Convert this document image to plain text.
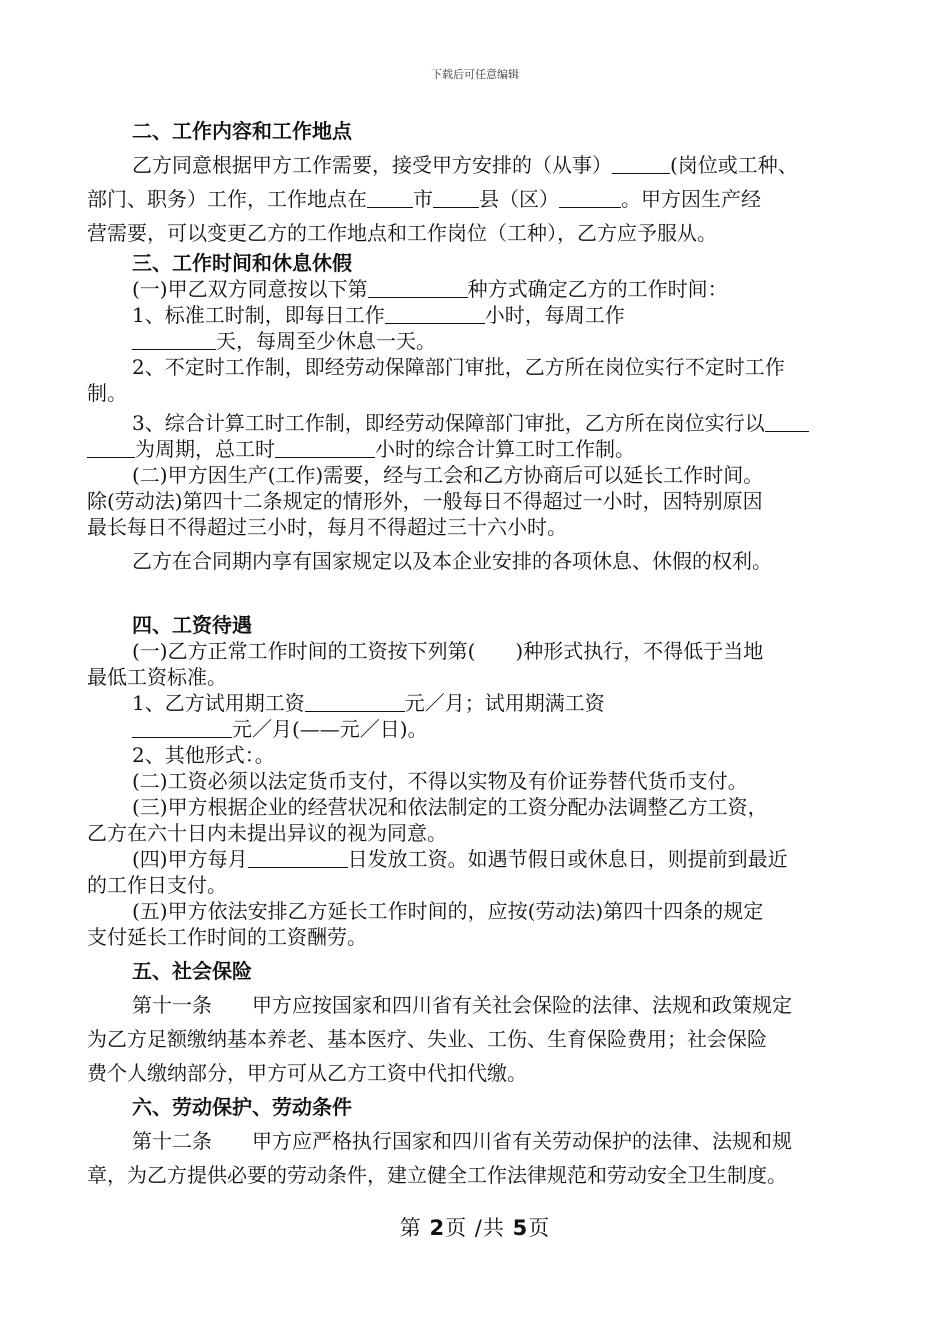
下载后可任意编辑

二、工作内容和工作地点

乙方同意根据甲方工作需要，接受甲方安排的（从事）	(岗位或工种、

部门、职务）工作，工作地点在 市 县（区）	。甲方因生产经

营需要，可以变更乙方的工作地点和工作岗位（工种），乙方应予服从。

三、工作时间和休息休假

(一)甲乙双方同意按以下第	种方式确定乙方的工作时间：

1、标准工时制，即每日工作	小时，每周工作

天，每周至少休息一天。

2、不定时工作制，即经劳动保障部门审批，乙方所在岗位实行不定时工作

制。

3、综合计算工时工作制，即经劳动保障部门审批，乙方所在岗位实行以

为周期，总工时	小时的综合计算工时工作制。

(二)甲方因生产(工作)需要，经与工会和乙方协商后可以延长工作时间。

除(劳动法)第四十二条规定的情形外，一般每日不得超过一小时，因特别原因

最长每日不得超过三小时，每月不得超过三十六小时。

乙方在合同期内享有国家规定以及本企业安排的各项休息、休假的权利。

四、工资待遇

(一)乙方正常工作时间的工资按下列第(　　)种形式执行，不得低于当地

最低工资标准。

1、乙方试用期工资	元／月；试用期满工资

元／月(——元／日)。

2、其他形式：。

(二)工资必须以法定货币支付，不得以实物及有价证券替代货币支付。

(三)甲方根据企业的经营状况和依法制定的工资分配办法调整乙方工资，

乙方在六十日内未提出异议的视为同意。

(四)甲方每月	日发放工资。如遇节假日或休息日，则提前到最近

的工作日支付。

(五)甲方依法安排乙方延长工作时间的，应按(劳动法)第四十四条的规定

支付延长工作时间的工资酬劳。

五、社会保险

第十一条　　甲方应按国家和四川省有关社会保险的法律、法规和政策规定

为乙方足额缴纳基本养老、基本医疗、失业、工伤、生育保险费用；社会保险

费个人缴纳部分，甲方可从乙方工资中代扣代缴。

六、劳动保护、劳动条件

第十二条　　甲方应严格执行国家和四川省有关劳动保护的法律、法规和规

章，为乙方提供必要的劳动条件，建立健全工作法律规范和劳动安全卫生制度。

第 2页 /共 5页
